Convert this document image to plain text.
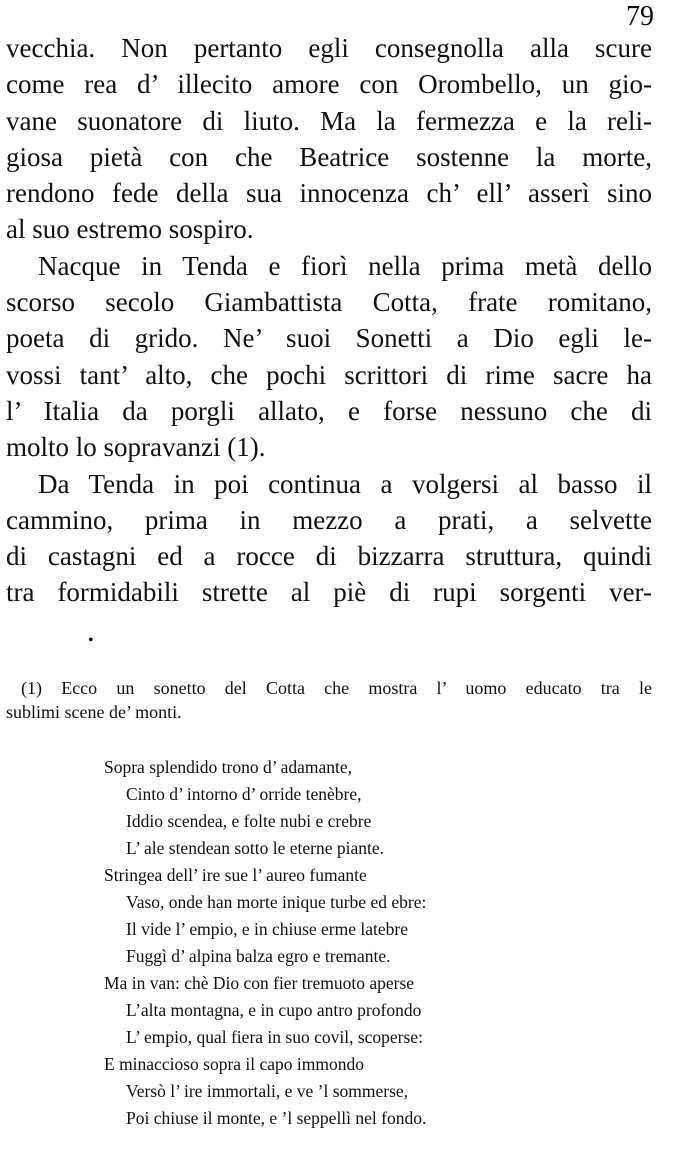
79
vecchia. Non pertanto egli consegnolla alla scure
come rea d’ illecito amore con Orombello, un gio-
vane suonatore di liuto. Ma la fermezza e la reli-
giosa pietà con che Beatrice sostenne la morte,
rendono fede della sua innocenza ch’ ell’ asserì sino
al suo estremo sospiro.
Nacque in Tenda e fiorì nella prima metà dello
scorso secolo Giambattista Cotta, frate romitano,
poeta di grido. Ne’ suoi Sonetti a Dio egli le-
vossi tant’ alto, che pochi scrittori di rime sacre ha
l’ Italia da porgli allato, e forse nessuno che di
molto lo sopravanzi (1).
Da Tenda in poi continua a volgersi al basso il
cammino, prima in mezzo a prati, a selvette
di castagni ed a rocce di bizzarra struttura, quindi
tra formidabili strette al piè di rupi sorgenti ver-
•
(1) Ecco un sonetto del Cotta che mostra l’ uomo educato tra le
sublimi scene de’ monti.
Sopra splendido trono d’ adamante,
Cinto d’ intorno d’ orride tenèbre,
Iddio scendea, e folte nubi e crebre
L’ ale stendean sotto le eterne piante.
Stringea dell’ ire sue l’ aureo fumante
Vaso, onde han morte inique turbe ed ebre:
Il vide l’ empio, e in chiuse erme latebre
Fuggì d’ alpina balza egro e tremante.
Ma in van: chè Dio con fier tremuoto aperse
L’alta montagna, e in cupo antro profondo
L’ empio, qual fiera in suo covil, scoperse:
E minaccioso sopra il capo immondo
Versò l’ ire immortali, e ve ’l sommerse,
Poi chiuse il monte, e ’l seppellì nel fondo.
